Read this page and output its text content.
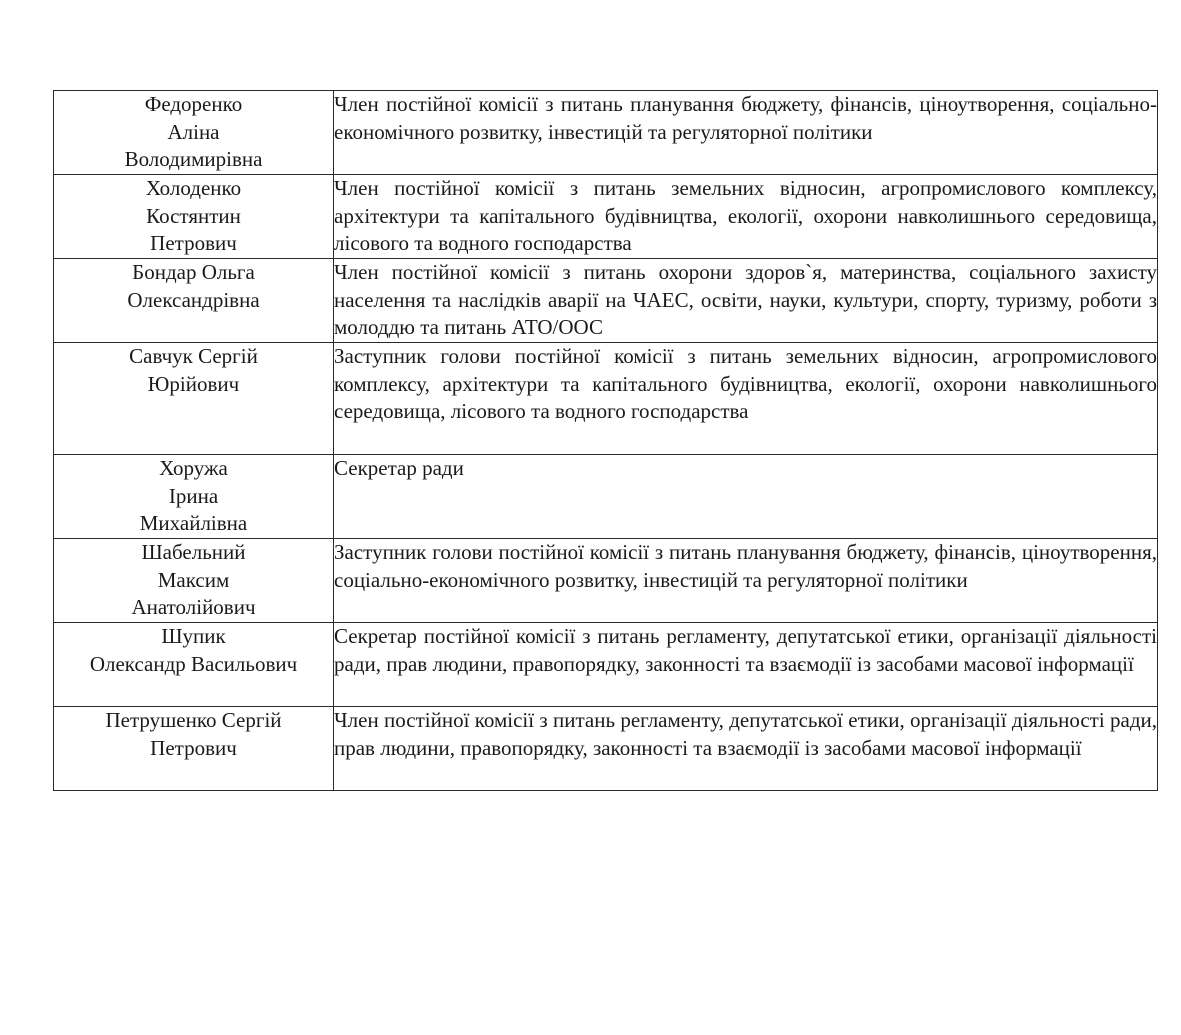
Федоренко
Аліна
Володимирівна	Член постійної комісії з питань планування бюджету, фінансів, ціноутворення, соціально-економічного розвитку, інвестицій та регуляторної політики

Холоденко
Костянтин
Петрович	Член постійної комісії з питань земельних відносин, агропромислового комплексу, архітектури та капітального будівництва, екології, охорони навколишнього середовища, лісового та водного господарства

Бондар Ольга
Олександрівна	Член постійної комісії з питань охорони здоров`я, материнства, соціального захисту населення та наслідків аварії на ЧАЕС, освіти, науки, культури, спорту, туризму, роботи з молоддю та питань АТО/ООС

Савчук Сергій
Юрійович	Заступник голови постійної комісії з питань земельних відносин, агропромислового комплексу, архітектури та капітального будівництва, екології, охорони навколишнього середовища, лісового та водного господарства

Хоружа
Ірина
Михайлівна	Секретар ради

Шабельний
Максим
Анатолійович	Заступник голови постійної комісії з питань планування бюджету, фінансів, ціноутворення, соціально-економічного розвитку, інвестицій та регуляторної політики

Шупик
Олександр Васильович	Секретар постійної комісії з питань регламенту, депутатської етики, організації діяльності ради, прав людини, правопорядку, законності та взаємодії із засобами масової інформації

Петрушенко Сергій
Петрович	Член постійної комісії з питань регламенту, депутатської етики, організації діяльності ради, прав людини, правопорядку, законності та взаємодії із засобами масової інформації
